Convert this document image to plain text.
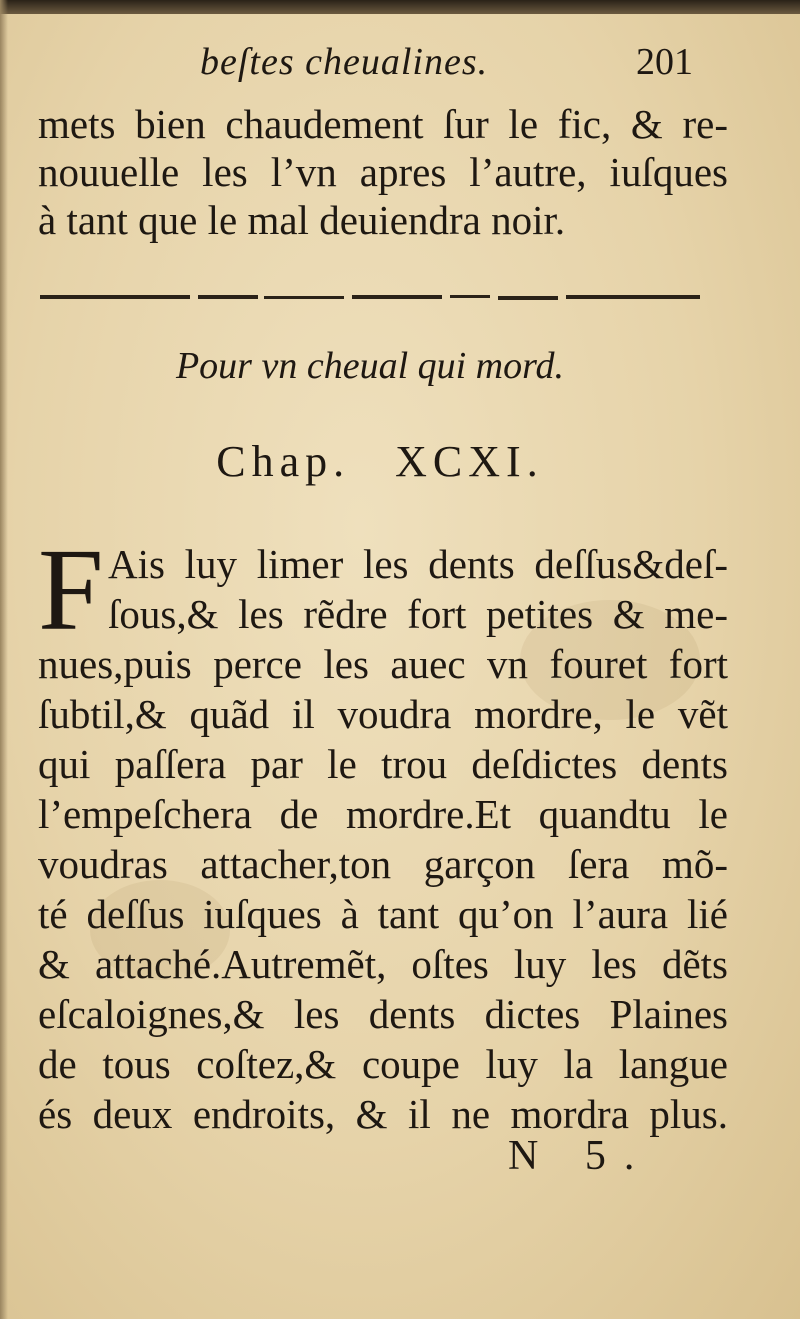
beſtes cheualines.	201
mets bien chaudement ſur le fic, & re-
nouuelle les l’vn apres l’autre, iuſques
à tant que le mal deuiendra noir.
Pour vn cheual qui mord.
Chap. XCXI.
F Ais luy limer les dents deſſus&deſ-
ſous,& les rẽdre fort petites & me-
nues,puis perce les auec vn fouret fort
ſubtil,& quãd il voudra mordre, le vẽt
qui paſſera par le trou deſdictes dents
l’empeſchera de mordre.Et quandtu le
voudras attacher,ton garçon ſera mõ-
té deſſus iuſques à tant qu’on l’aura lié
& attaché.Autremẽt, oſtes luy les dẽts
eſcaloignes,& les dents dictes Plaines
de tous coſtez,& coupe luy la langue
és deux endroits, & il ne mordra plus.
N 5.
